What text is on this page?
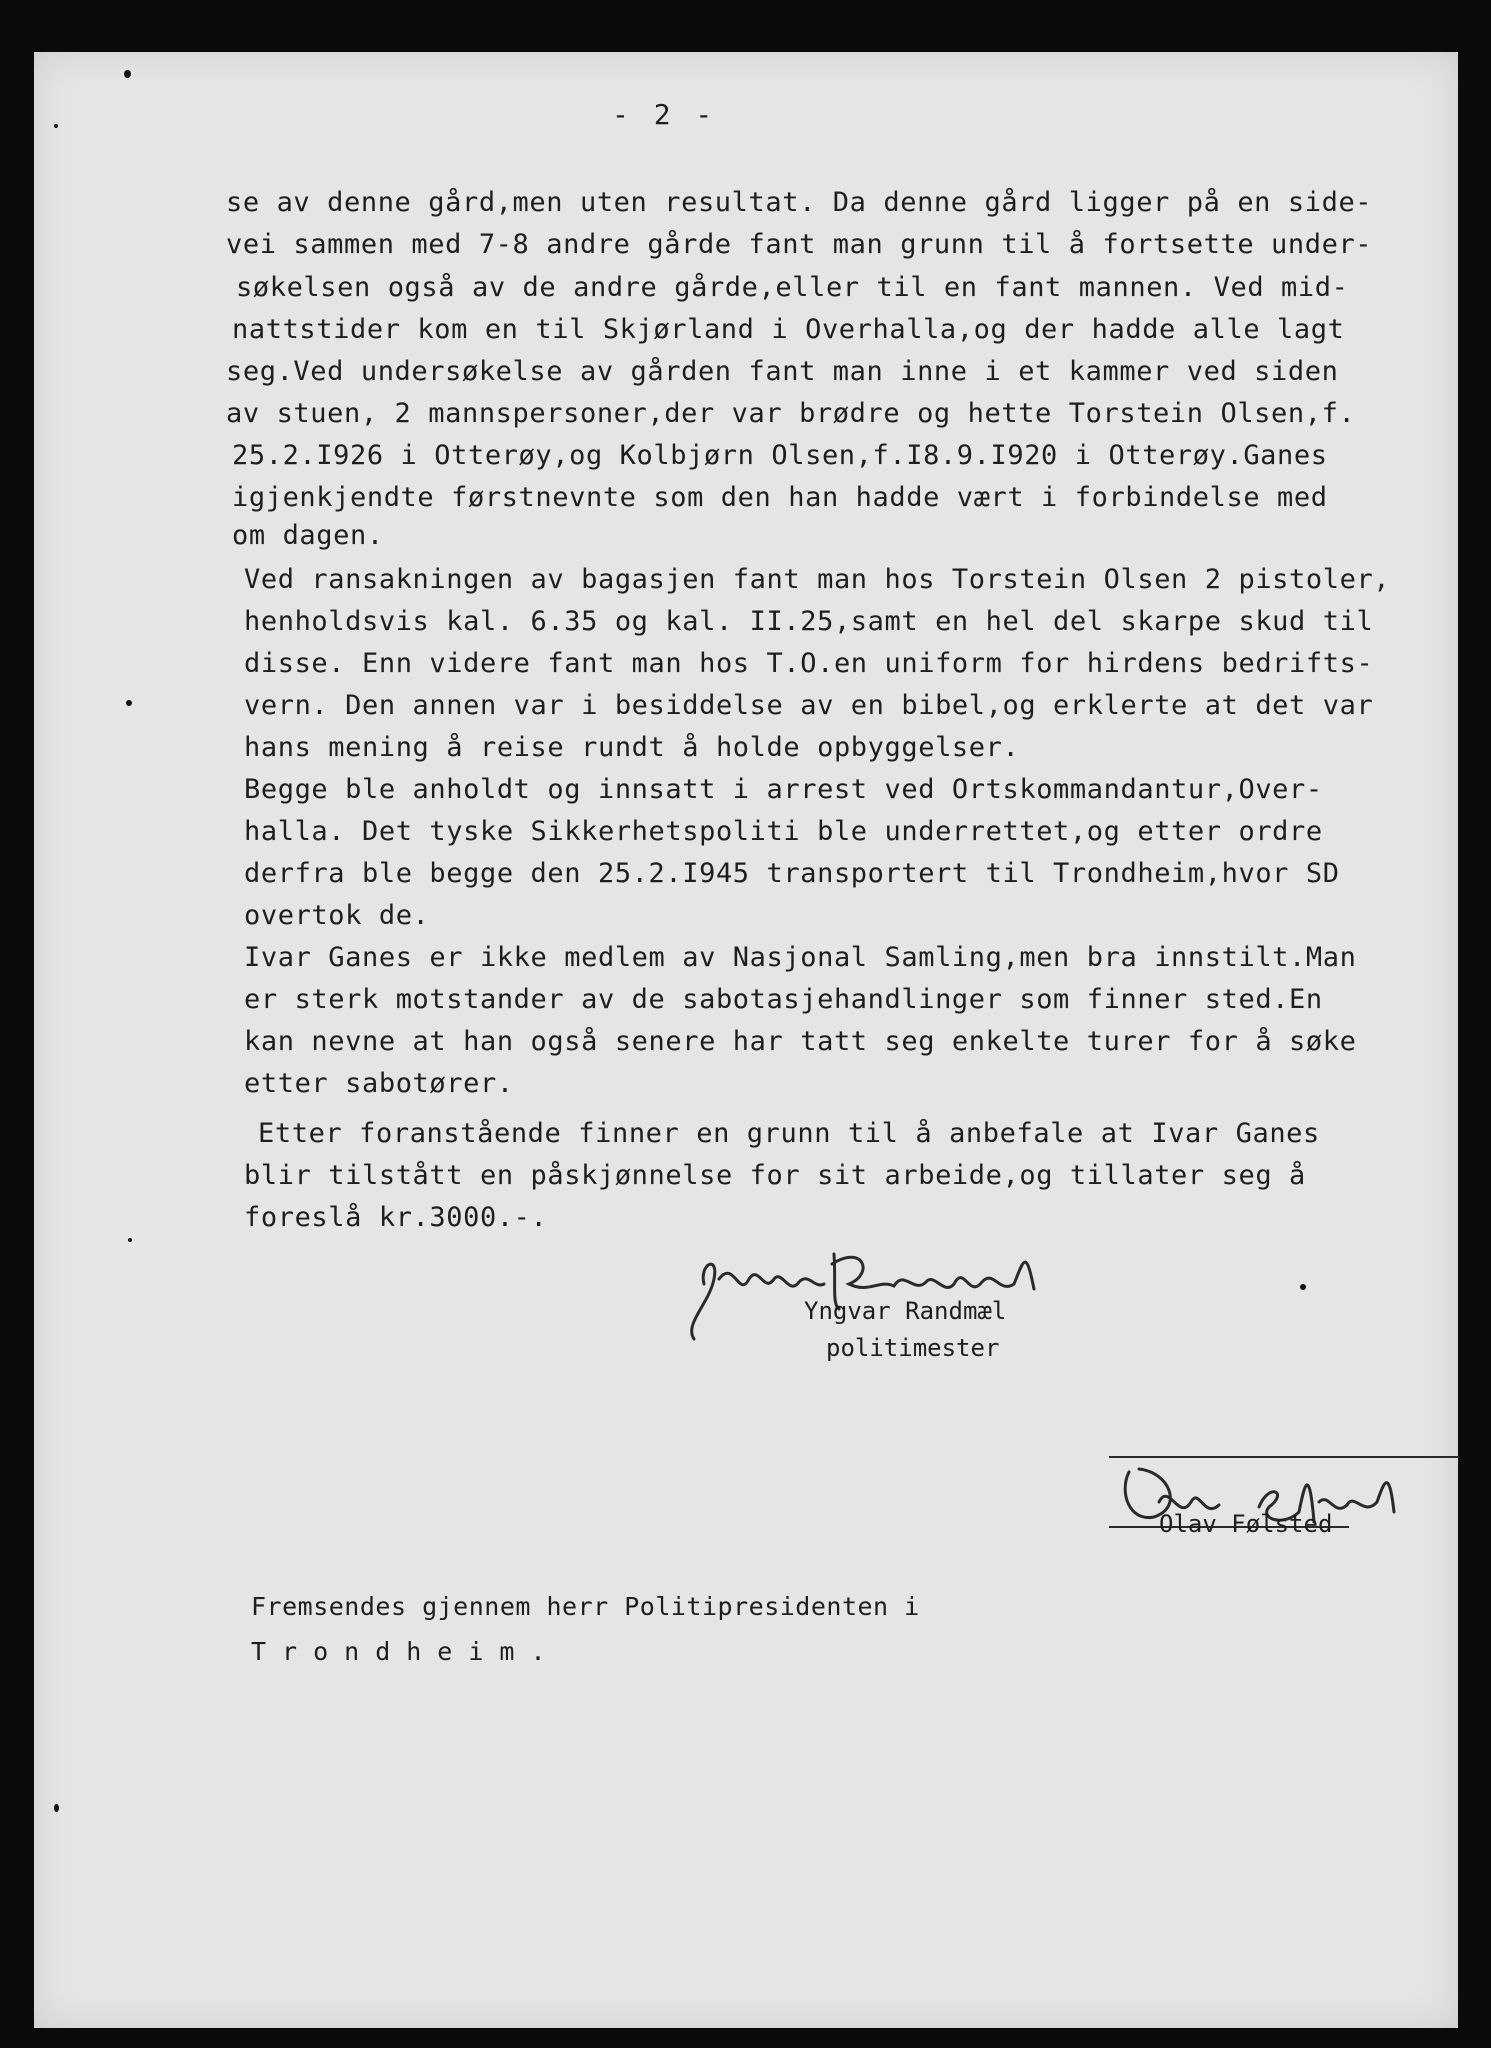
- 2 -
se av denne gård,men uten resultat. Da denne gård ligger på en side-
vei sammen med 7-8 andre gårde fant man grunn til å fortsette under-
søkelsen også av de andre gårde,eller til en fant mannen. Ved mid-
nattstider kom en til Skjørland i Overhalla,og der hadde alle lagt
seg.Ved undersøkelse av gården fant man inne i et kammer ved siden
av stuen, 2 mannspersoner,der var brødre og hette Torstein Olsen,f.
25.2.I926 i Otterøy,og Kolbjørn Olsen,f.I8.9.I920 i Otterøy.Ganes
igjenkjendte førstnevnte som den han hadde vært i forbindelse med
om dagen.
Ved ransakningen av bagasjen fant man hos Torstein Olsen 2 pistoler,
henholdsvis kal. 6.35 og kal. II.25,samt en hel del skarpe skud til
disse. Enn videre fant man hos T.O.en uniform for hirdens bedrifts-
vern. Den annen var i besiddelse av en bibel,og erklerte at det var
hans mening å reise rundt å holde opbyggelser.
Begge ble anholdt og innsatt i arrest ved Ortskommandantur,Over-
halla. Det tyske Sikkerhetspoliti ble underrettet,og etter ordre
derfra ble begge den 25.2.I945 transportert til Trondheim,hvor SD
overtok de.
Ivar Ganes er ikke medlem av Nasjonal Samling,men bra innstilt.Man
er sterk motstander av de sabotasjehandlinger som finner sted.En
kan nevne at han også senere har tatt seg enkelte turer for å søke
etter sabotører.
Etter foranstående finner en grunn til å anbefale at Ivar Ganes
blir tilstått en påskjønnelse for sit arbeide,og tillater seg å
foreslå kr.3000.-.
Yngvar Randmæl
politimester
Olav Følsted
Fremsendes gjennem herr Politipresidenten i
Trondheim.
